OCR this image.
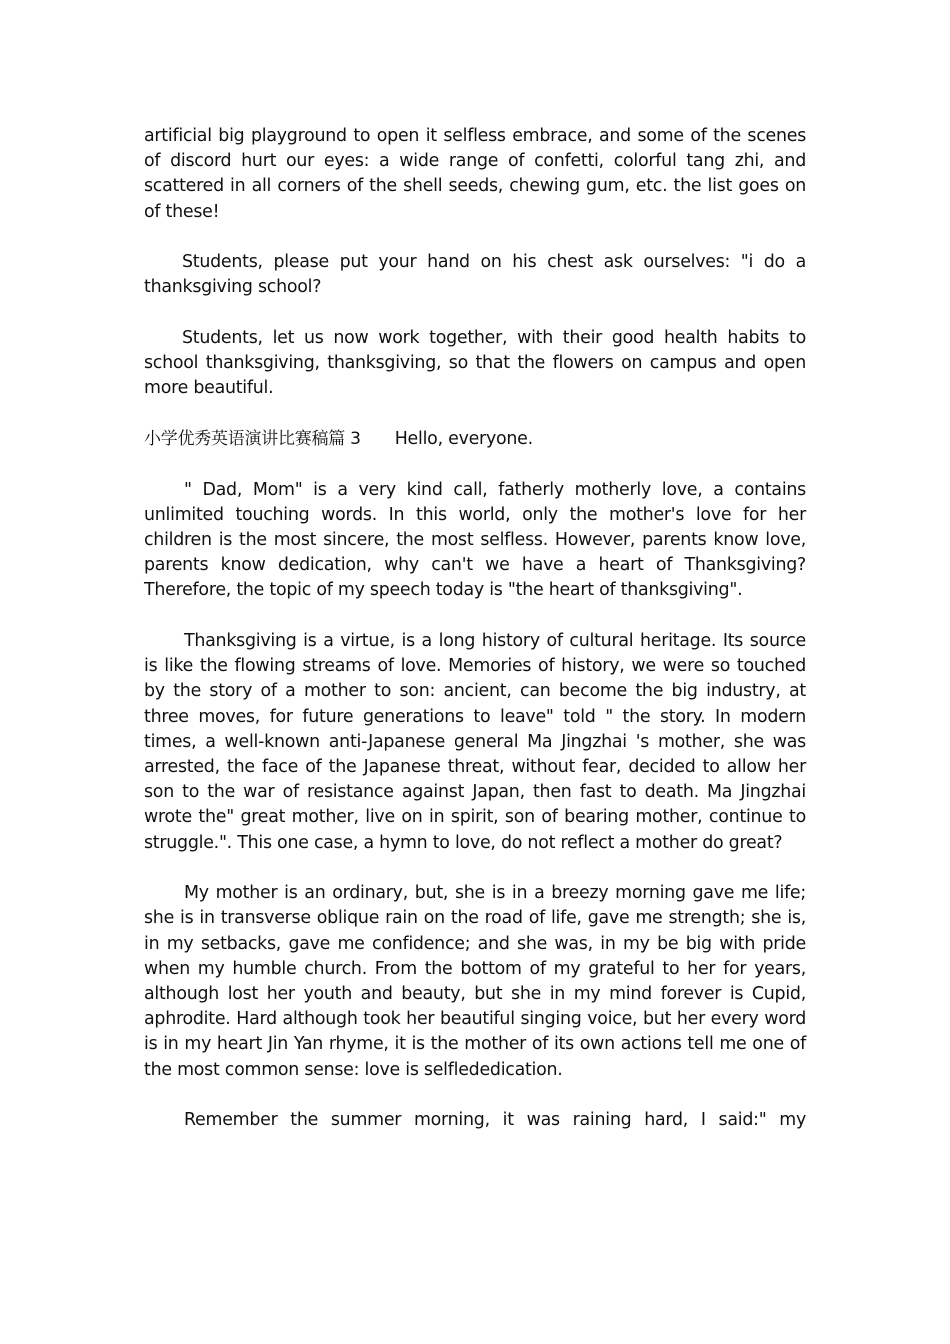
artificial big playground to open it selfless embrace, and some of the scenes of discord hurt our eyes: a wide range of confetti, colorful tang zhi, and scattered in all corners of the shell seeds, chewing gum, etc. the list goes on of these!

Students, please put your hand on his chest ask ourselves: "i do a thanksgiving school?

Students, let us now work together, with their good health habits to school thanksgiving, thanksgiving, so that the flowers on campus and open more beautiful.

小学优秀英语演讲比赛稿篇 3 Hello, everyone.

" Dad, Mom" is a very kind call, fatherly motherly love, a contains unlimited touching words. In this world, only the mother's love for her children is the most sincere, the most selfless. However, parents know love, parents know dedication, why can't we have a heart of Thanksgiving? Therefore, the topic of my speech today is "the heart of thanksgiving".

Thanksgiving is a virtue, is a long history of cultural heritage. Its source is like the flowing streams of love. Memories of history, we were so touched by the story of a mother to son: ancient, can become the big industry, at three moves, for future generations to leave" told " the story. In modern times, a well-known anti-Japanese general Ma Jingzhai 's mother, she was arrested, the face of the Japanese threat, without fear, decided to allow her son to the war of resistance against Japan, then fast to death. Ma Jingzhai wrote the" great mother, live on in spirit, son of bearing mother, continue to struggle.". This one case, a hymn to love, do not reflect a mother do great?

My mother is an ordinary, but, she is in a breezy morning gave me life; she is in transverse oblique rain on the road of life, gave me strength; she is, in my setbacks, gave me confidence; and she was, in my be big with pride when my humble church. From the bottom of my grateful to her for years, although lost her youth and beauty, but she in my mind forever is Cupid, aphrodite. Hard although took her beautiful singing voice, but her every word is in my heart Jin Yan rhyme, it is the mother of its own actions tell me one of the most common sense: love is selflededication.

Remember the summer morning, it was raining hard, I said:" my
